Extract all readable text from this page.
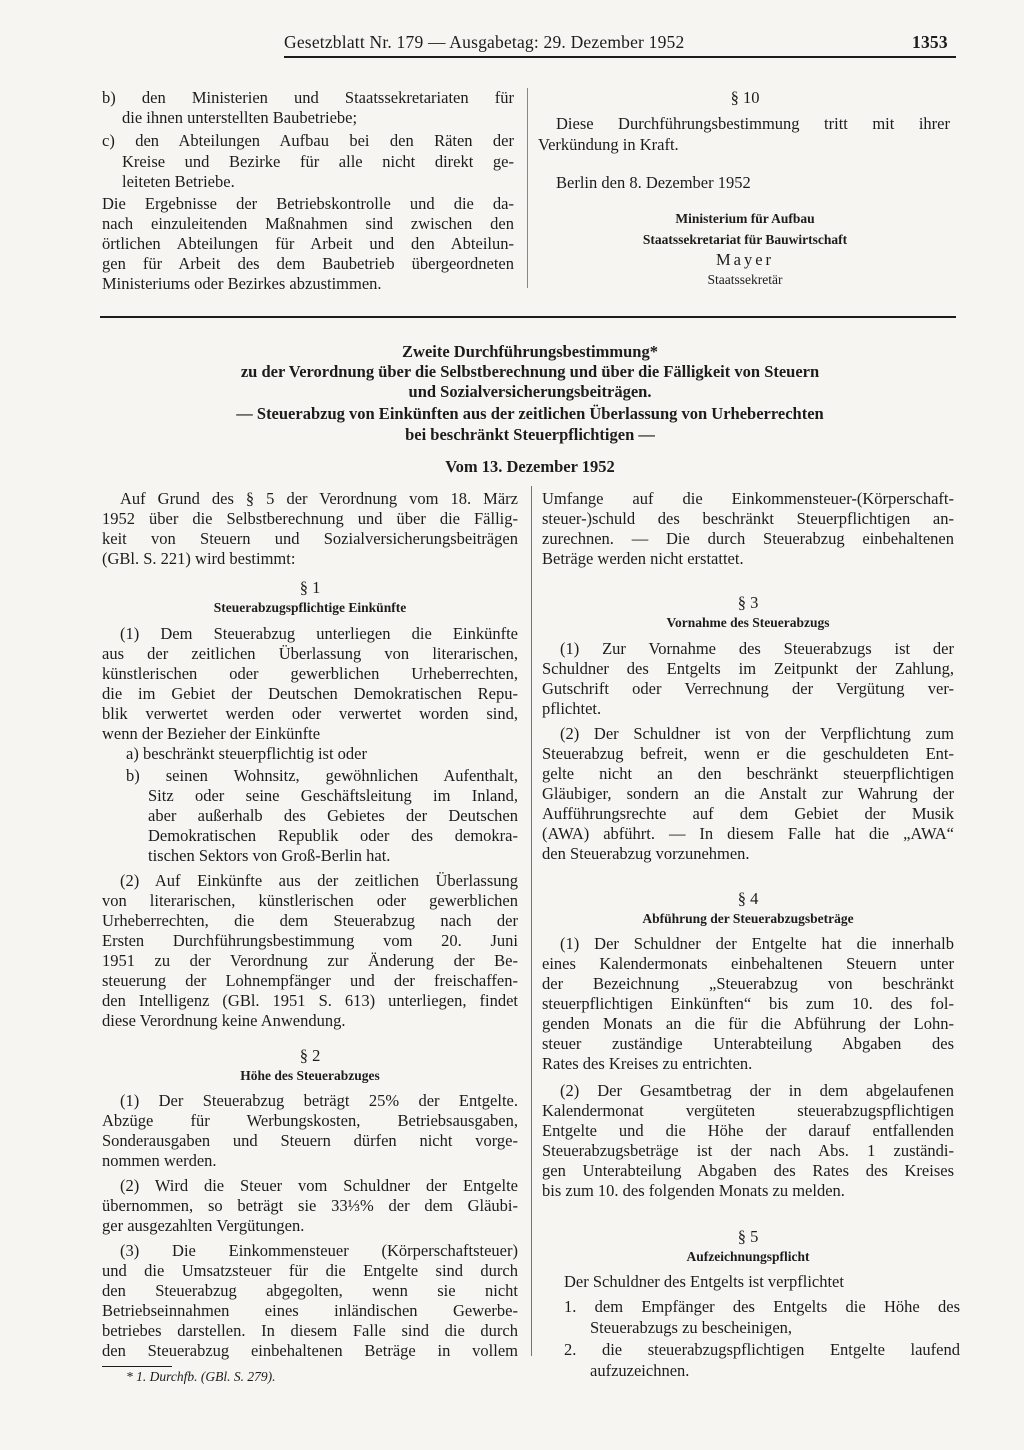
Gesetzblatt Nr. 179 — Ausgabetag: 29. Dezember 1952	1353
b) den Ministerien und Staatssekretariaten für
die ihnen unterstellten Baubetriebe;
c) den Abteilungen Aufbau bei den Räten der
Kreise und Bezirke für alle nicht direkt ge-
leiteten Betriebe.
Die Ergebnisse der Betriebskontrolle und die da-
nach einzuleitenden Maßnahmen sind zwischen den
örtlichen Abteilungen für Arbeit und den Abteilun-
gen für Arbeit des dem Baubetrieb übergeordneten
Ministeriums oder Bezirkes abzustimmen.
§ 10
Diese Durchführungsbestimmung tritt mit ihrer
Verkündung in Kraft.
Berlin den 8. Dezember 1952
Ministerium für Aufbau
Staatssekretariat für Bauwirtschaft
Mayer
Staatssekretär
Zweite Durchführungsbestimmung*
zu der Verordnung über die Selbstberechnung und über die Fälligkeit von Steuern
und Sozialversicherungsbeiträgen.
— Steuerabzug von Einkünften aus der zeitlichen Überlassung von Urheberrechten
bei beschränkt Steuerpflichtigen —
Vom 13. Dezember 1952
Auf Grund des § 5 der Verordnung vom 18. März
1952 über die Selbstberechnung und über die Fällig-
keit von Steuern und Sozialversicherungsbeiträgen
(GBl. S. 221) wird bestimmt:
§ 1
Steuerabzugspflichtige Einkünfte
(1) Dem Steuerabzug unterliegen die Einkünfte
aus der zeitlichen Überlassung von literarischen,
künstlerischen oder gewerblichen Urheberrechten,
die im Gebiet der Deutschen Demokratischen Repu-
blik verwertet werden oder verwertet worden sind,
wenn der Bezieher der Einkünfte
a) beschränkt steuerpflichtig ist oder
b) seinen Wohnsitz, gewöhnlichen Aufenthalt,
Sitz oder seine Geschäftsleitung im Inland,
aber außerhalb des Gebietes der Deutschen
Demokratischen Republik oder des demokra-
tischen Sektors von Groß-Berlin hat.
(2) Auf Einkünfte aus der zeitlichen Überlassung
von literarischen, künstlerischen oder gewerblichen
Urheberrechten, die dem Steuerabzug nach der
Ersten Durchführungsbestimmung vom 20. Juni
1951 zu der Verordnung zur Änderung der Be-
steuerung der Lohnempfänger und der freischaffen-
den Intelligenz (GBl. 1951 S. 613) unterliegen, findet
diese Verordnung keine Anwendung.
§ 2
Höhe des Steuerabzuges
(1) Der Steuerabzug beträgt 25% der Entgelte.
Abzüge für Werbungskosten, Betriebsausgaben,
Sonderausgaben und Steuern dürfen nicht vorge-
nommen werden.
(2) Wird die Steuer vom Schuldner der Entgelte
übernommen, so beträgt sie 33⅓% der dem Gläubi-
ger ausgezahlten Vergütungen.
(3) Die Einkommensteuer (Körperschaftsteuer)
und die Umsatzsteuer für die Entgelte sind durch
den Steuerabzug abgegolten, wenn sie nicht
Betriebseinnahmen eines inländischen Gewerbe-
betriebes darstellen. In diesem Falle sind die durch
den Steuerabzug einbehaltenen Beträge in vollem
* 1. Durchfb. (GBl. S. 279).
Umfange auf die Einkommensteuer-(Körperschaft-
steuer-)schuld des beschränkt Steuerpflichtigen an-
zurechnen. — Die durch Steuerabzug einbehaltenen
Beträge werden nicht erstattet.
§ 3
Vornahme des Steuerabzugs
(1) Zur Vornahme des Steuerabzugs ist der
Schuldner des Entgelts im Zeitpunkt der Zahlung,
Gutschrift oder Verrechnung der Vergütung ver-
pflichtet.
(2) Der Schuldner ist von der Verpflichtung zum
Steuerabzug befreit, wenn er die geschuldeten Ent-
gelte nicht an den beschränkt steuerpflichtigen
Gläubiger, sondern an die Anstalt zur Wahrung der
Aufführungsrechte auf dem Gebiet der Musik
(AWA) abführt. — In diesem Falle hat die „AWA“
den Steuerabzug vorzunehmen.
§ 4
Abführung der Steuerabzugsbeträge
(1) Der Schuldner der Entgelte hat die innerhalb
eines Kalendermonats einbehaltenen Steuern unter
der Bezeichnung „Steuerabzug von beschränkt
steuerpflichtigen Einkünften“ bis zum 10. des fol-
genden Monats an die für die Abführung der Lohn-
steuer zuständige Unterabteilung Abgaben des
Rates des Kreises zu entrichten.
(2) Der Gesamtbetrag der in dem abgelaufenen
Kalendermonat vergüteten steuerabzugspflichtigen
Entgelte und die Höhe der darauf entfallenden
Steuerabzugsbeträge ist der nach Abs. 1 zuständi-
gen Unterabteilung Abgaben des Rates des Kreises
bis zum 10. des folgenden Monats zu melden.
§ 5
Aufzeichnungspflicht
Der Schuldner des Entgelts ist verpflichtet
1. dem Empfänger des Entgelts die Höhe des
Steuerabzugs zu bescheinigen,
2. die steuerabzugspflichtigen Entgelte laufend
aufzuzeichnen.
